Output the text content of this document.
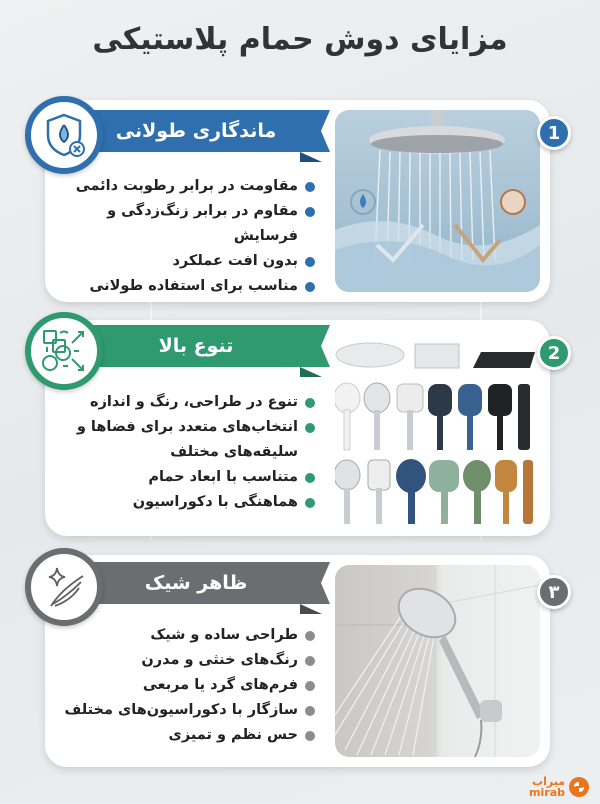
مزایای دوش حمام پلاستیکی
مقاومت در برابر رطوبت دائمی
مقاوم در برابر زنگ‌زدگی و فرسایش
بدون افت عملکرد
مناسب برای استفاده طولانی
ماندگاری طولانی	1
تنوع در طراحی، رنگ و اندازه
انتخاب‌های متعدد برای فضاها و سلیقه‌های مختلف
متناسب با ابعاد حمام
هماهنگی با دکوراسیون
تنوع بالا	2
طراحی ساده و شیک
رنگ‌های خنثی و مدرن
فرم‌های گرد یا مربعی
سازگار با دکوراسیون‌های مختلف
حس نظم و تمیزی
ظاهر شیک	۳
میراب
mirab
